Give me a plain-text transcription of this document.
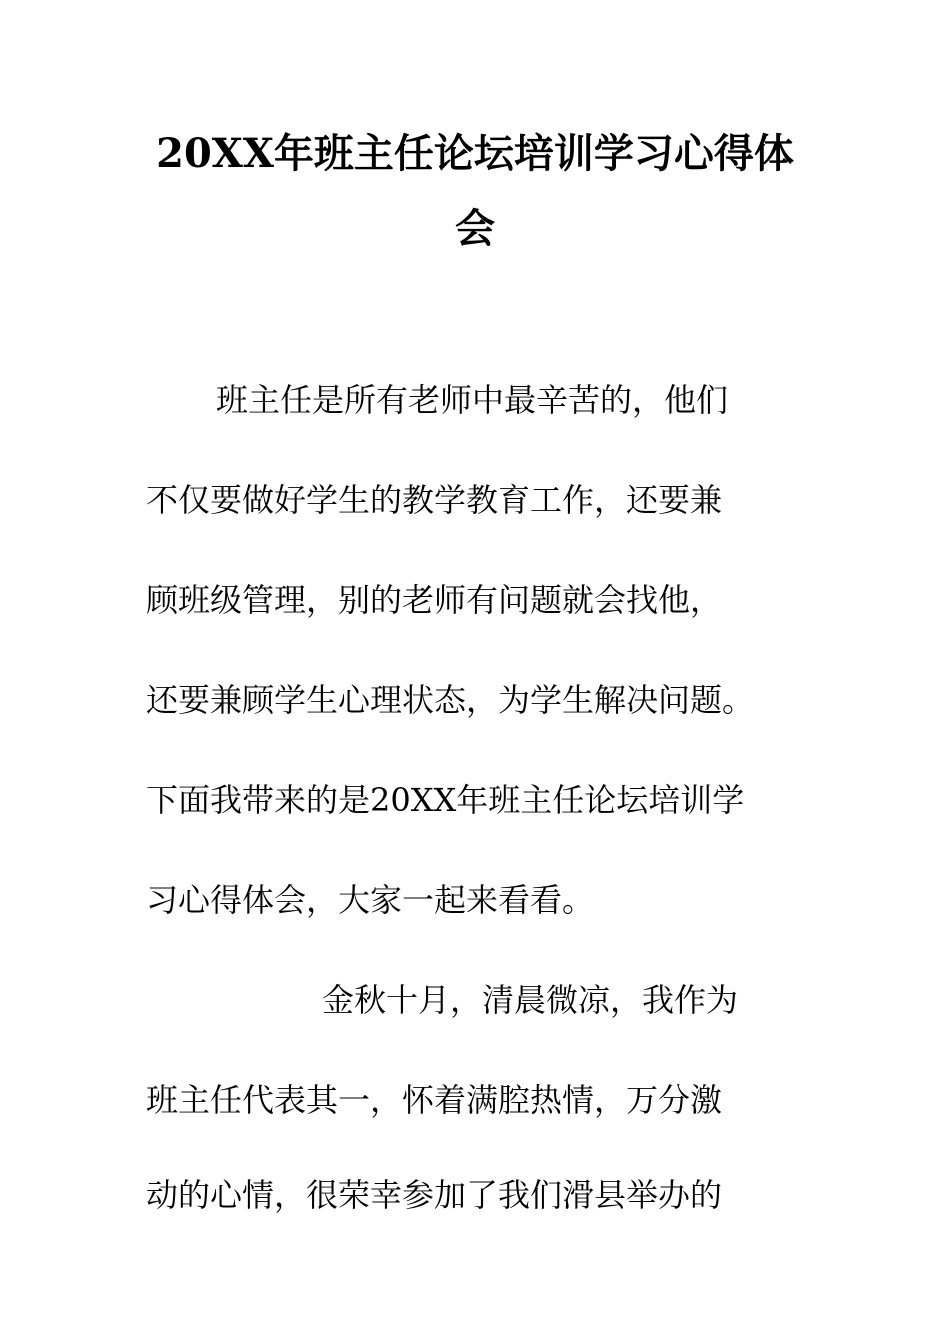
20XX年班主任论坛培训学习心得体
会
班主任是所有老师中最辛苦的，他们
不仅要做好学生的教学教育工作，还要兼
顾班级管理，别的老师有问题就会找他，
还要兼顾学生心理状态，为学生解决问题。
下面我带来的是20XX年班主任论坛培训学
习心得体会，大家一起来看看。
金秋十月，清晨微凉，我作为
班主任代表其一，怀着满腔热情，万分激
动的心情，很荣幸参加了我们滑县举办的
